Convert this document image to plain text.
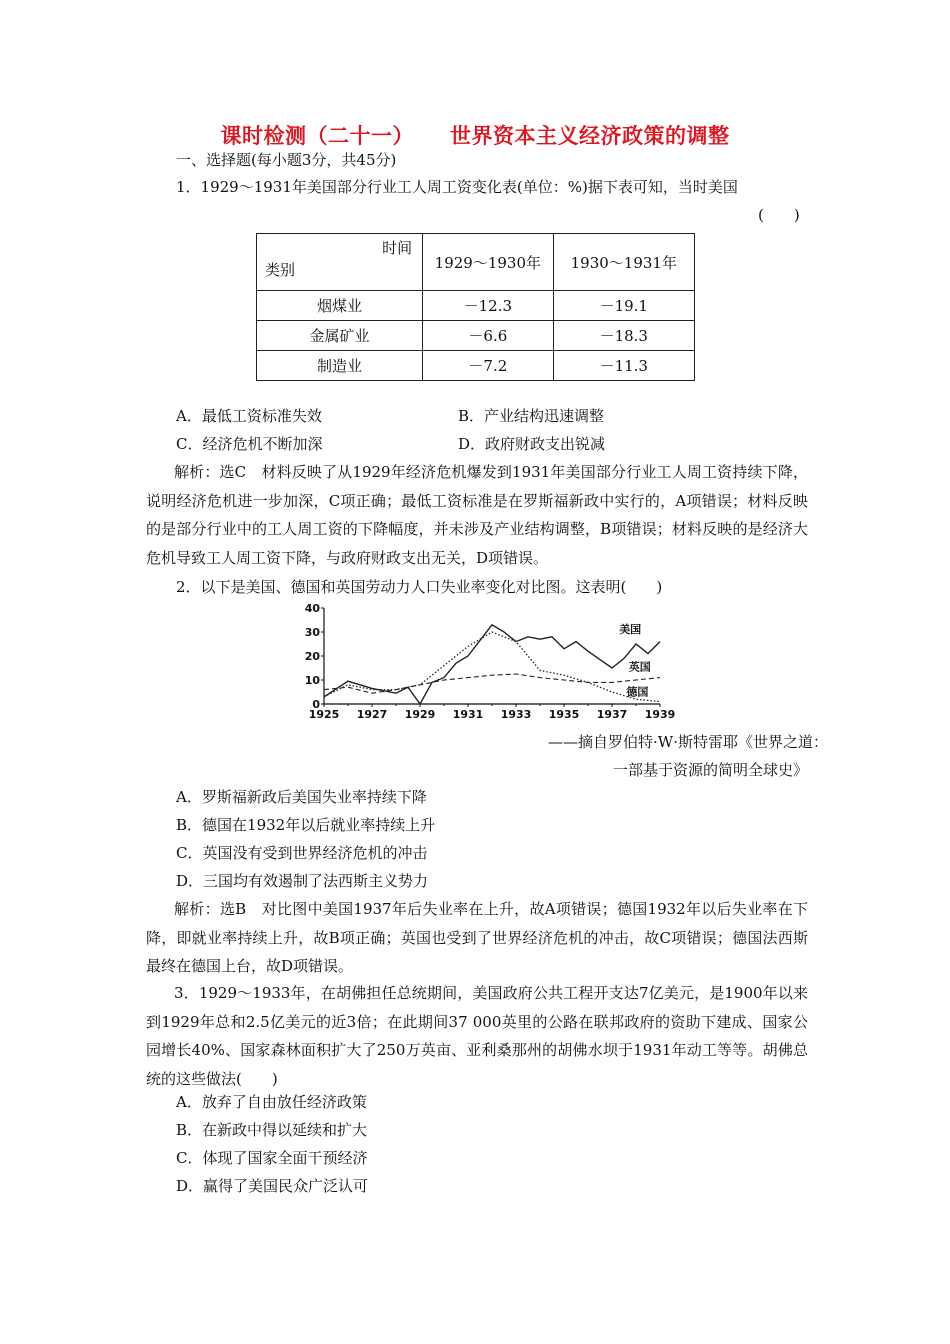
课时检测（二十一） 世界资本主义经济政策的调整
一、选择题(每小题3分，共45分)
1．1929～1931年美国部分行业工人周工资变化表(单位：%)据下表可知，当时美国
(　　)
时间
类别	1929～1930年	1930～1931年
烟煤业	－12.3	－19.1
金属矿业	－6.6	－18.3
制造业	－7.2	－11.3
A．最低工资标准失效	B．产业结构迅速调整
C．经济危机不断加深	D．政府财政支出锐减
解析：选C　材料反映了从1929年经济危机爆发到1931年美国部分行业工人周工资持续下降，说明经济危机进一步加深，C项正确；最低工资标准是在罗斯福新政中实行的，A项错误；材料反映的是部分行业中的工人周工资的下降幅度，并未涉及产业结构调整，B项错误；材料反映的是经济大危机导致工人周工资下降，与政府财政支出无关，D项错误。
2．以下是美国、德国和英国劳动力人口失业率变化对比图。这表明(　　)
0
10
20
30
40
1925 1927 1929 1931 1933 1935 1937 1939
美国
英国
德国
——摘自罗伯特·W·斯特雷耶《世界之道：
一部基于资源的简明全球史》
A．罗斯福新政后美国失业率持续下降
B．德国在1932年以后就业率持续上升
C．英国没有受到世界经济危机的冲击
D．三国均有效遏制了法西斯主义势力
解析：选B　对比图中美国1937年后失业率在上升，故A项错误；德国1932年以后失业率在下降，即就业率持续上升，故B项正确；英国也受到了世界经济危机的冲击，故C项错误；德国法西斯最终在德国上台，故D项错误。
3．1929～1933年，在胡佛担任总统期间，美国政府公共工程开支达7亿美元，是1900年以来到1929年总和2.5亿美元的近3倍；在此期间37 000英里的公路在联邦政府的资助下建成、国家公园增长40%、国家森林面积扩大了250万英亩、亚利桑那州的胡佛水坝于1931年动工等等。胡佛总统的这些做法(　　)
A．放弃了自由放任经济政策
B．在新政中得以延续和扩大
C．体现了国家全面干预经济
D．赢得了美国民众广泛认可
